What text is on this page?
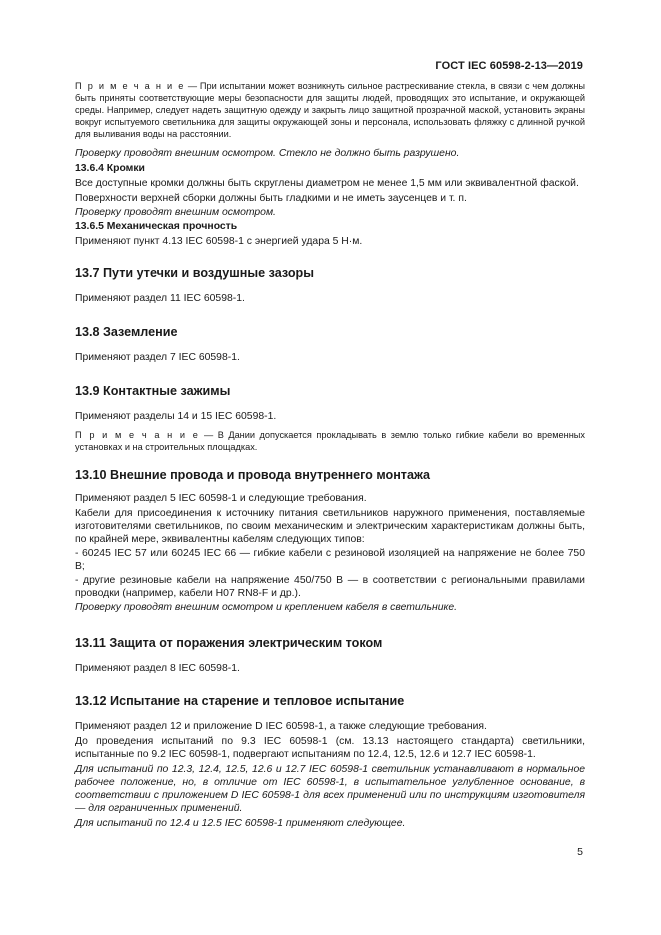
ГОСТ IEC 60598-2-13—2019

П р и м е ч а н и е — При испытании может возникнуть сильное растрескивание стекла, в связи с чем должны быть приняты соответствующие меры безопасности для защиты людей, проводящих это испытание, и окружающей среды. Например, следует надеть защитную одежду и закрыть лицо защитной прозрачной маской, установить экраны вокруг испытуемого светильника для защиты окружающей зоны и персонала, использовать фляжку с длинной ручкой для выливания воды на расстоянии.

Проверку проводят внешним осмотром. Стекло не должно быть разрушено.

13.6.4 Кромки

Все доступные кромки должны быть скруглены диаметром не менее 1,5 мм или эквивалентной фаской.

Поверхности верхней сборки должны быть гладкими и не иметь заусенцев и т. п.

Проверку проводят внешним осмотром.

13.6.5 Механическая прочность

Применяют пункт 4.13 IEC 60598-1 с энергией удара 5 Н·м.

13.7 Пути утечки и воздушные зазоры

Применяют раздел 11 IEC 60598-1.

13.8 Заземление

Применяют раздел 7 IEC 60598-1.

13.9 Контактные зажимы

Применяют разделы 14 и 15 IEC 60598-1.

П р и м е ч а н и е — В Дании допускается прокладывать в землю только гибкие кабели во временных установках и на строительных площадках.

13.10 Внешние провода и провода внутреннего монтажа

Применяют раздел 5 IEC 60598-1 и следующие требования.

Кабели для присоединения к источнику питания светильников наружного применения, поставляемые изготовителями светильников, по своим механическим и электрическим характеристикам должны быть, по крайней мере, эквивалентны кабелям следующих типов:

- 60245 IEC 57 или 60245 IEC 66 — гибкие кабели с резиновой изоляцией на напряжение не более 750 В;

- другие резиновые кабели на напряжение 450/750 В — в соответствии с региональными правилами проводки (например, кабели H07 RN8-F и др.).

Проверку проводят внешним осмотром и креплением кабеля в светильнике.

13.11 Защита от поражения электрическим током

Применяют раздел 8 IEC 60598-1.

13.12 Испытание на старение и тепловое испытание

Применяют раздел 12 и приложение D IEC 60598-1, а также следующие требования.

До проведения испытаний по 9.3 IEC 60598-1 (см. 13.13 настоящего стандарта) светильники, испытанные по 9.2 IEC 60598-1, подвергают испытаниям по 12.4, 12.5, 12.6 и 12.7 IEC 60598-1.

Для испытаний по 12.3, 12.4, 12.5, 12.6 и 12.7 IEC 60598-1 светильник устанавливают в нормальное рабочее положение, но, в отличие от IEC 60598-1, в испытательное углубленное основание, в соответствии с приложением D IEC 60598-1 для всех применений или по инструкциям изготовителя — для ограниченных применений.

Для испытаний по 12.4 и 12.5 IEC 60598-1 применяют следующее.

5
